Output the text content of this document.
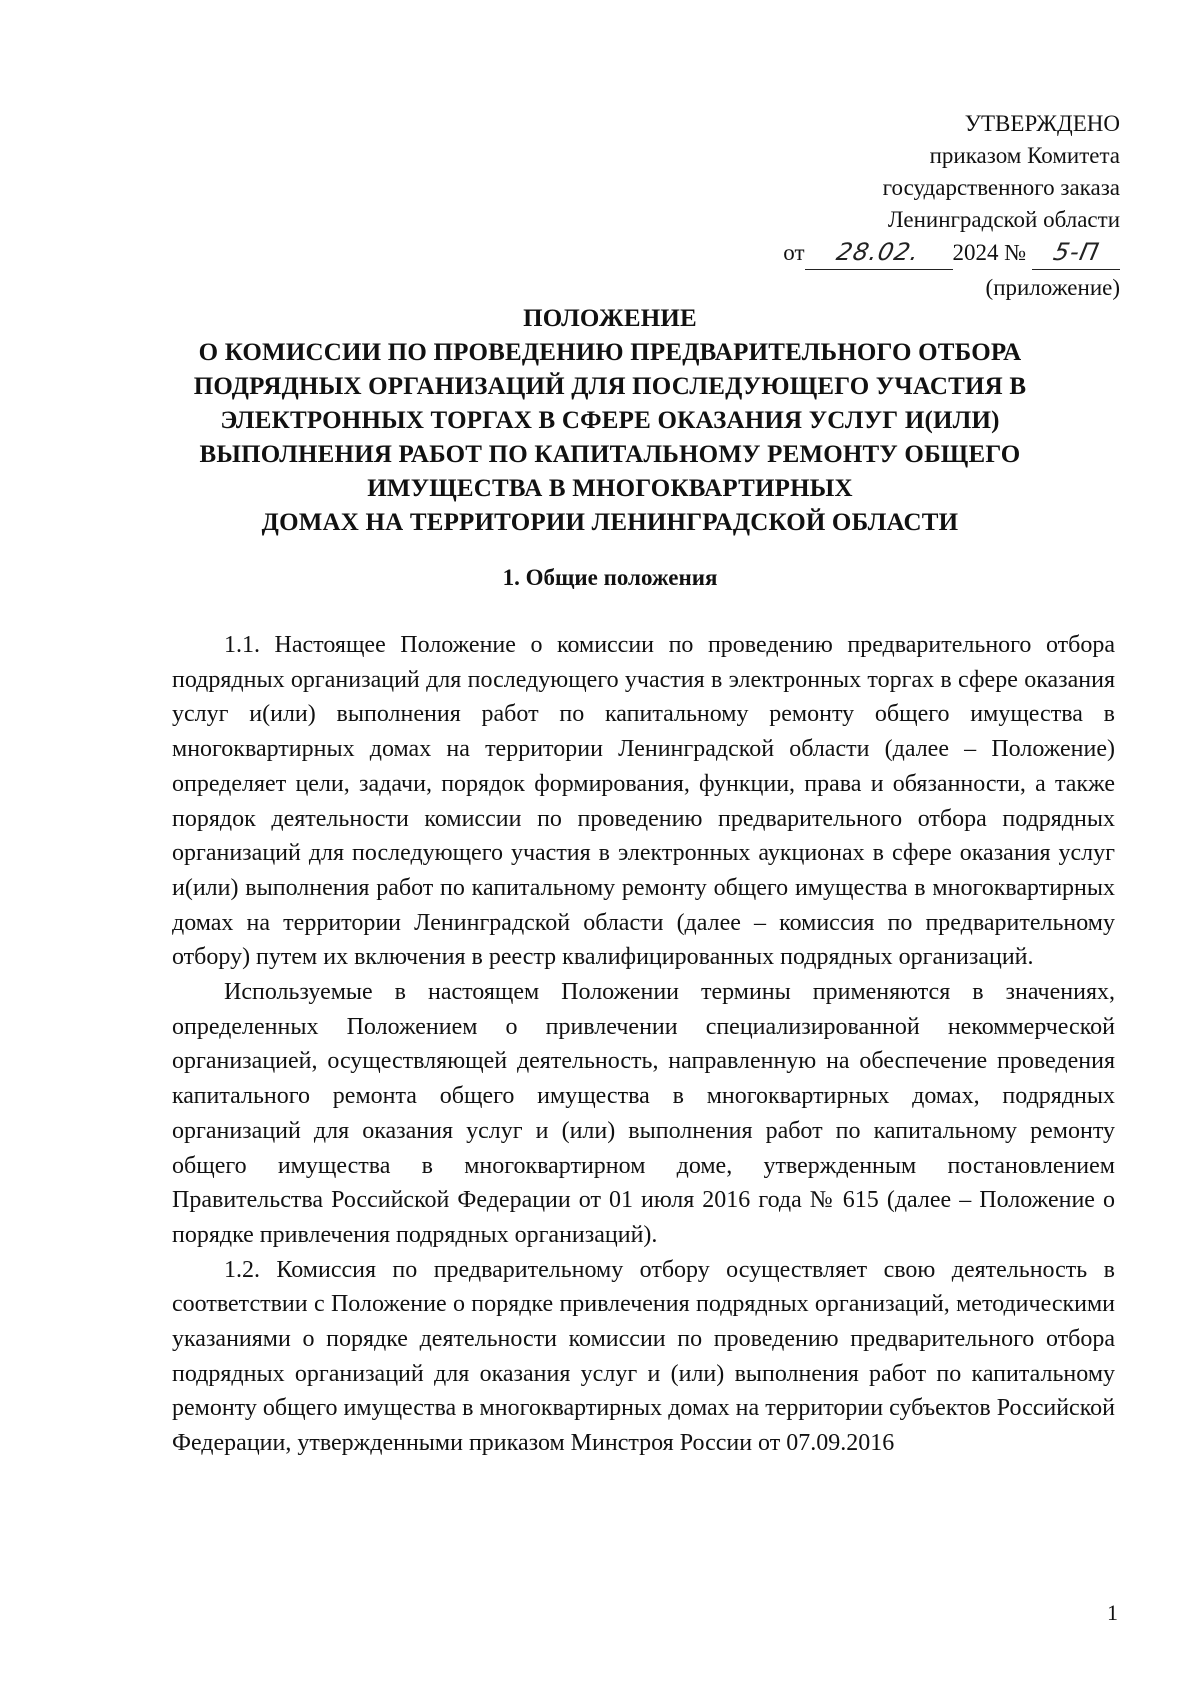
УТВЕРЖДЕНО
приказом Комитета
государственного заказа
Ленинградской области
от 28.02. 2024 № 5-П
(приложение)
ПОЛОЖЕНИЕ
О КОМИССИИ ПО ПРОВЕДЕНИЮ ПРЕДВАРИТЕЛЬНОГО ОТБОРА
ПОДРЯДНЫХ ОРГАНИЗАЦИЙ ДЛЯ ПОСЛЕДУЮЩЕГО УЧАСТИЯ В
ЭЛЕКТРОННЫХ ТОРГАХ В СФЕРЕ ОКАЗАНИЯ УСЛУГ И(ИЛИ)
ВЫПОЛНЕНИЯ РАБОТ ПО КАПИТАЛЬНОМУ РЕМОНТУ ОБЩЕГО
ИМУЩЕСТВА В МНОГОКВАРТИРНЫХ
ДОМАХ НА ТЕРРИТОРИИ ЛЕНИНГРАДСКОЙ ОБЛАСТИ
1. Общие положения

1.1. Настоящее Положение о комиссии по проведению предварительного отбора подрядных организаций для последующего участия в электронных торгах в сфере оказания услуг и(или) выполнения работ по капитальному ремонту общего имущества в многоквартирных домах на территории Ленинградской области (далее – Положение) определяет цели, задачи, порядок формирования, функции, права и обязанности, а также порядок деятельности комиссии по проведению предварительного отбора подрядных организаций для последующего участия в электронных аукционах в сфере оказания услуг и(или) выполнения работ по капитальному ремонту общего имущества в многоквартирных домах на территории Ленинградской области (далее – комиссия по предварительному отбору) путем их включения в реестр квалифицированных подрядных организаций.

Используемые в настоящем Положении термины применяются в значениях, определенных Положением о привлечении специализированной некоммерческой организацией, осуществляющей деятельность, направленную на обеспечение проведения капитального ремонта общего имущества в многоквартирных домах, подрядных организаций для оказания услуг и (или) выполнения работ по капитальному ремонту общего имущества в многоквартирном доме, утвержденным постановлением Правительства Российской Федерации от 01 июля 2016 года № 615 (далее – Положение о порядке привлечения подрядных организаций).

1.2. Комиссия по предварительному отбору осуществляет свою деятельность в соответствии с Положение о порядке привлечения подрядных организаций, методическими указаниями о порядке деятельности комиссии по проведению предварительного отбора подрядных организаций для оказания услуг и (или) выполнения работ по капитальному ремонту общего имущества в многоквартирных домах на территории субъектов Российской Федерации, утвержденными приказом Минстроя России от 07.09.2016

1
